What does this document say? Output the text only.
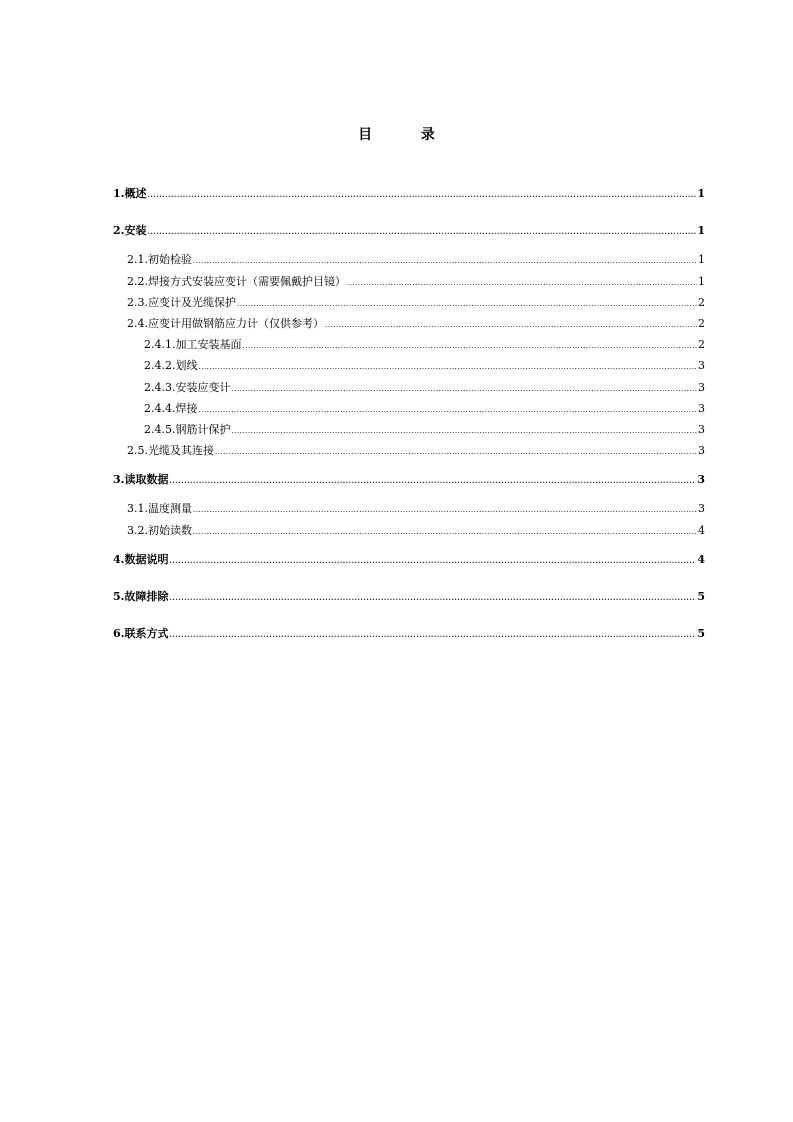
目 录
1.概述 .....	1
2.安装 .....	1
2.1.初始检验 .....	1
2.2.焊接方式安装应变计（需要佩戴护目镜） .....	1
2.3.应变计及光缆保护 .....	2
2.4.应变计用做钢筋应力计（仅供参考） .....	2
2.4.1.加工安装基面 .....	2
2.4.2.划线 .....	3
2.4.3.安装应变计 .....	3
2.4.4.焊接 .....	3
2.4.5.钢筋计保护 .....	3
2.5.光缆及其连接 .....	3
3.读取数据 .....	3
3.1.温度测量 .....	3
3.2.初始读数 .....	4
4.数据说明 .....	4
5.故障排除 .....	5
6.联系方式 .....	5
